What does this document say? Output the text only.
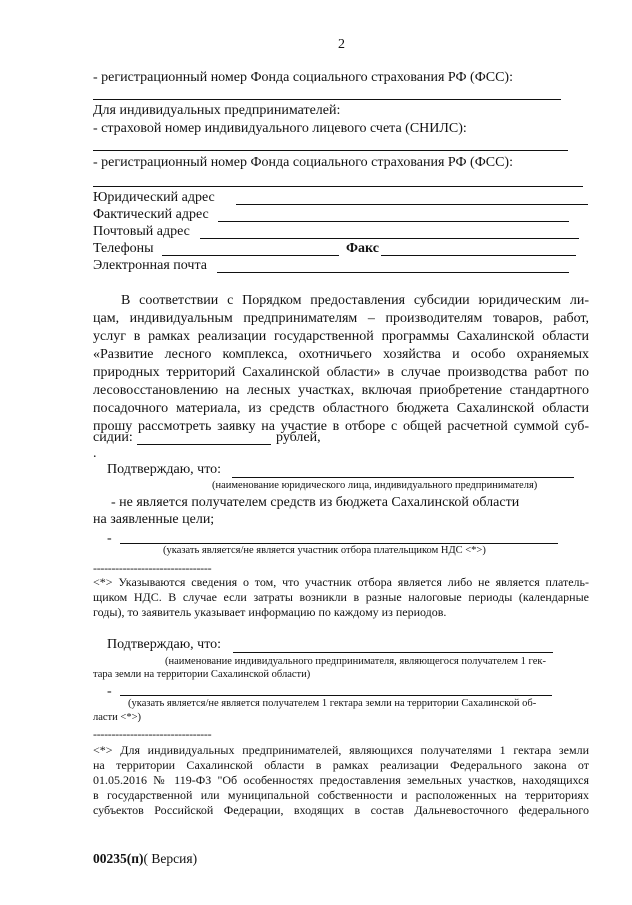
2
- регистрационный номер Фонда социального страхования РФ (ФСС):
Для индивидуальных предпринимателей:
- страховой номер индивидуального лицевого счета (СНИЛС):
- регистрационный номер Фонда социального страхования РФ (ФСС):
Юридический адрес
Фактический адрес
Почтовый адрес
Телефоны	Факс
Электронная почта
В соответствии с Порядком предоставления субсидии юридическим ли-
цам, индивидуальным предпринимателям – производителям товаров, работ,
услуг в рамках реализации государственной программы Сахалинской области
«Развитие лесного комплекса, охотничьего хозяйства и особо охраняемых
природных территорий Сахалинской области» в случае производства работ по
лесовосстановлению на лесных участках, включая приобретение стандартного
посадочного материала, из средств областного бюджета Сахалинской области
прошу рассмотреть заявку на участие в отборе с общей расчетной суммой суб-
сидии:	рублей,
.
Подтверждаю, что:
(наименование юридического лица, индивидуального предпринимателя)
- не является получателем средств из бюджета Сахалинской области
на заявленные цели;
-
(указать является/не является участник отбора плательщиком НДС <*>)
--------------------------------
<*> Указываются сведения о том, что участник отбора является либо не является платель-
щиком НДС. В случае если затраты возникли в разные налоговые периоды (календарные
годы), то заявитель указывает информацию по каждому из периодов.
Подтверждаю, что:
(наименование индивидуального предпринимателя, являющегося получателем 1 гек-
тара земли на территории Сахалинской области)
-
(указать является/не является получателем 1 гектара земли на территории Сахалинской об-
ласти <*>)
--------------------------------
<*> Для индивидуальных предпринимателей, являющихся получателями 1 гектара земли
на территории Сахалинской области в рамках реализации Федерального закона от
01.05.2016 № 119-ФЗ "Об особенностях предоставления земельных участков, находящихся
в государственной или муниципальной собственности и расположенных на территориях
субъектов Российской Федерации, входящих в состав Дальневосточного федерального
00235(п)( Версия)
